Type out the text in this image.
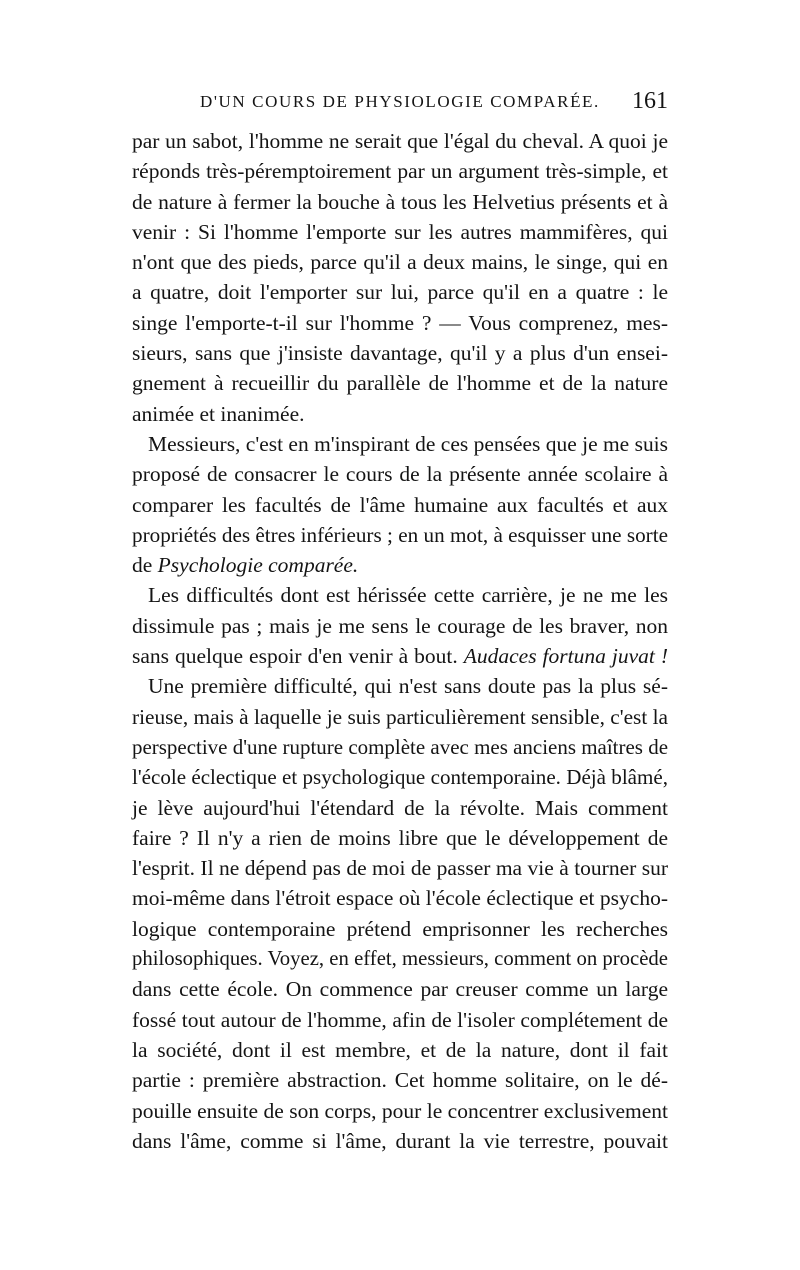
D'UN COURS DE PHYSIOLOGIE COMPARÉE. 161
par un sabot, l'homme ne serait que l'égal du cheval. A quoi je
réponds très-péremptoirement par un argument très-simple, et
de nature à fermer la bouche à tous les Helvetius présents et à
venir : Si l'homme l'emporte sur les autres mammifères, qui
n'ont que des pieds, parce qu'il a deux mains, le singe, qui en
a quatre, doit l'emporter sur lui, parce qu'il en a quatre : le
singe l'emporte-t-il sur l'homme ? — Vous comprenez, mes-
sieurs, sans que j'insiste davantage, qu'il y a plus d'un ensei-
gnement à recueillir du parallèle de l'homme et de la nature
animée et inanimée.
Messieurs, c'est en m'inspirant de ces pensées que je me suis
proposé de consacrer le cours de la présente année scolaire à
comparer les facultés de l'âme humaine aux facultés et aux
propriétés des êtres inférieurs ; en un mot, à esquisser une sorte
de Psychologie comparée.
Les difficultés dont est hérissée cette carrière, je ne me les
dissimule pas ; mais je me sens le courage de les braver, non
sans quelque espoir d'en venir à bout. Audaces fortuna juvat !
Une première difficulté, qui n'est sans doute pas la plus sé-
rieuse, mais à laquelle je suis particulièrement sensible, c'est la
perspective d'une rupture complète avec mes anciens maîtres de
l'école éclectique et psychologique contemporaine. Déjà blâmé,
je lève aujourd'hui l'étendard de la révolte. Mais comment
faire ? Il n'y a rien de moins libre que le développement de
l'esprit. Il ne dépend pas de moi de passer ma vie à tourner sur
moi-même dans l'étroit espace où l'école éclectique et psycho-
logique contemporaine prétend emprisonner les recherches
philosophiques. Voyez, en effet, messieurs, comment on procède
dans cette école. On commence par creuser comme un large
fossé tout autour de l'homme, afin de l'isoler complétement de
la société, dont il est membre, et de la nature, dont il fait
partie : première abstraction. Cet homme solitaire, on le dé-
pouille ensuite de son corps, pour le concentrer exclusivement
dans l'âme, comme si l'âme, durant la vie terrestre, pouvait
